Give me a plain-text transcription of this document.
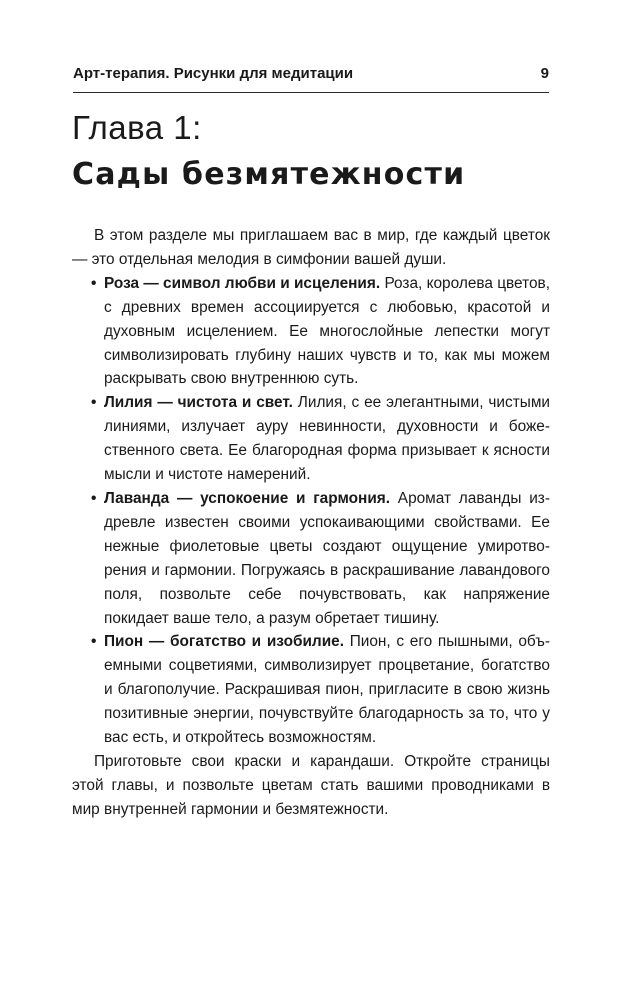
Арт-терапия. Рисунки для медитации	9
Глава 1:
Сады безмятежности

В этом разделе мы приглашаем вас в мир, где каждый цветок — это отдельная мелодия в симфонии вашей души.

• Роза — символ любви и исцеления. Роза, королева цветов, с древних времен ассоциируется с любовью, красотой и духовным исцелением. Ее многослойные лепестки могут символизировать глубину наших чувств и то, как мы можем раскрывать свою внутреннюю суть.
• Лилия — чистота и свет. Лилия, с ее элегантными, чистыми линиями, излучает ауру невинности, духовности и божественного света. Ее благородная форма призывает к ясности мысли и чистоте намерений.
• Лаванда — успокоение и гармония. Аромат лаванды издревле известен своими успокаивающими свойствами. Ее нежные фиолетовые цветы создают ощущение умиротворения и гармонии. Погружаясь в раскрашивание лавандового поля, позвольте себе почувствовать, как напряжение покидает ваше тело, а разум обретает тишину.
• Пион — богатство и изобилие. Пион, с его пышными, объемными соцветиями, символизирует процветание, богатство и благополучие. Раскрашивая пион, пригласите в свою жизнь позитивные энергии, почувствуйте благодарность за то, что у вас есть, и откройтесь возможностям.

Приготовьте свои краски и карандаши. Откройте страницы этой главы, и позвольте цветам стать вашими проводниками в мир внутренней гармонии и безмятежности.
